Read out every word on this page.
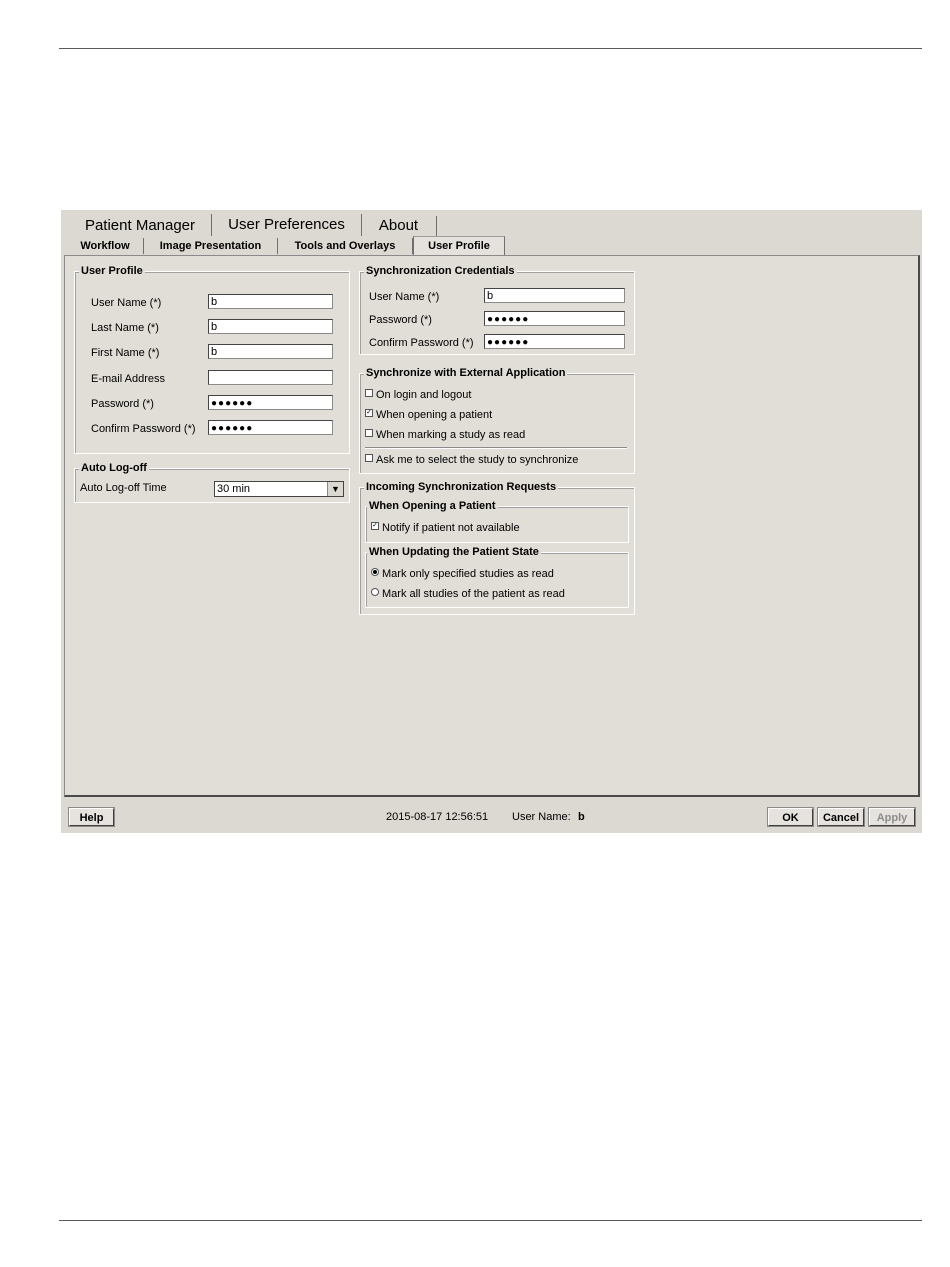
Patient Manager	User Preferences	About
Workflow	Image Presentation	Tools and Overlays	User Profile
User Profile
User Name (*)	b
Last Name (*)	b
First Name (*)	b
E-mail Address
Password (*)	●●●●●●
Confirm Password (*)	●●●●●●
Auto Log-off
Auto Log-off Time	30 min	▼
Synchronization Credentials
User Name (*)	b
Password (*)	●●●●●●
Confirm Password (*)	●●●●●●
Synchronize with External Application
On login and logout
✓ When opening a patient
When marking a study as read
Ask me to select the study to synchronize
Incoming Synchronization Requests
When Opening a Patient
✓ Notify if patient not available
When Updating the Patient State
Mark only specified studies as read
Mark all studies of the patient as read
Help	2015-08-17 12:56:51 User Name: b	OK	Cancel	Apply
